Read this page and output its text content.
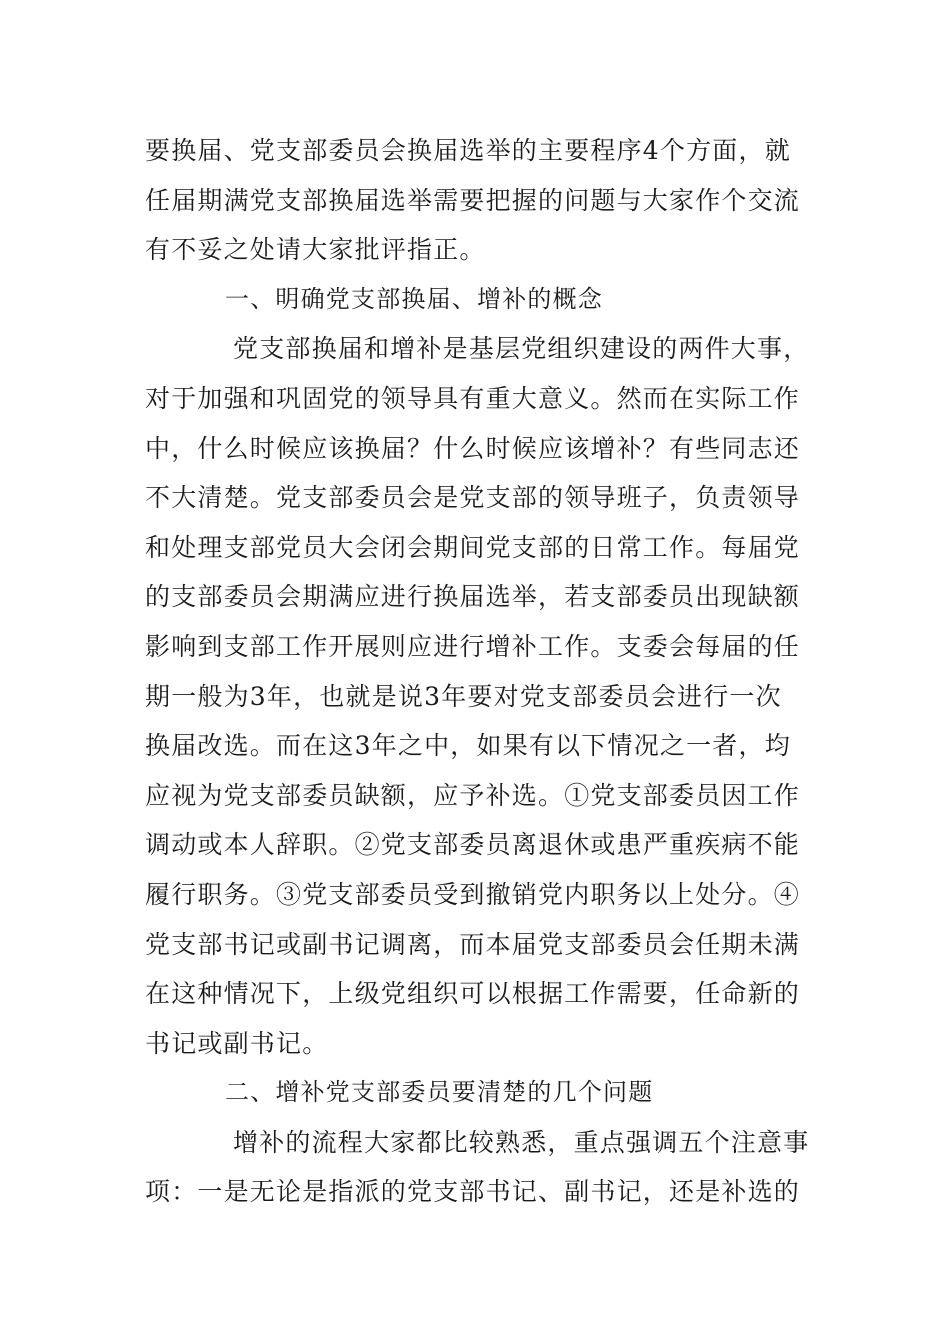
要换届、党支部委员会换届选举的主要程序4个方面，就
任届期满党支部换届选举需要把握的问题与大家作个交流
有不妥之处请大家批评指正。
一、明确党支部换届、增补的概念
党支部换届和增补是基层党组织建设的两件大事，
对于加强和巩固党的领导具有重大意义。然而在实际工作
中，什么时候应该换届？什么时候应该增补？有些同志还
不大清楚。党支部委员会是党支部的领导班子，负责领导
和处理支部党员大会闭会期间党支部的日常工作。每届党
的支部委员会期满应进行换届选举，若支部委员出现缺额
影响到支部工作开展则应进行增补工作。支委会每届的任
期一般为3年，也就是说3年要对党支部委员会进行一次
换届改选。而在这3年之中，如果有以下情况之一者，均
应视为党支部委员缺额，应予补选。①党支部委员因工作
调动或本人辞职。②党支部委员离退休或患严重疾病不能
履行职务。③党支部委员受到撤销党内职务以上处分。④
党支部书记或副书记调离，而本届党支部委员会任期未满
在这种情况下，上级党组织可以根据工作需要，任命新的
书记或副书记。
二、增补党支部委员要清楚的几个问题
增补的流程大家都比较熟悉，重点强调五个注意事
项：一是无论是指派的党支部书记、副书记，还是补选的
